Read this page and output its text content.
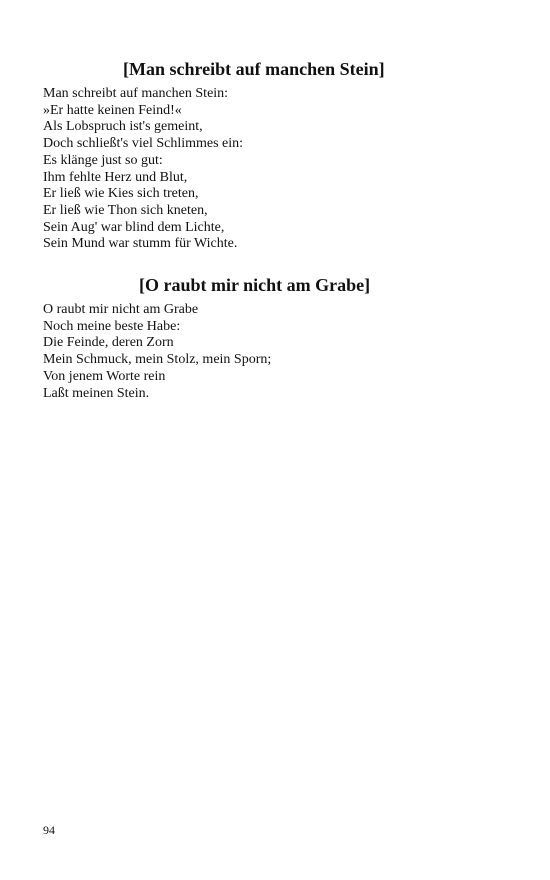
[Man schreibt auf manchen Stein]
Man schreibt auf manchen Stein:
»Er hatte keinen Feind!«
Als Lobspruch ist's gemeint,
Doch schließt's viel Schlimmes ein:
Es klänge just so gut:
Ihm fehlte Herz und Blut,
Er ließ wie Kies sich treten,
Er ließ wie Thon sich kneten,
Sein Aug' war blind dem Lichte,
Sein Mund war stumm für Wichte.
[O raubt mir nicht am Grabe]
O raubt mir nicht am Grabe
Noch meine beste Habe:
Die Feinde, deren Zorn
Mein Schmuck, mein Stolz, mein Sporn;
Von jenem Worte rein
Laßt meinen Stein.
94
